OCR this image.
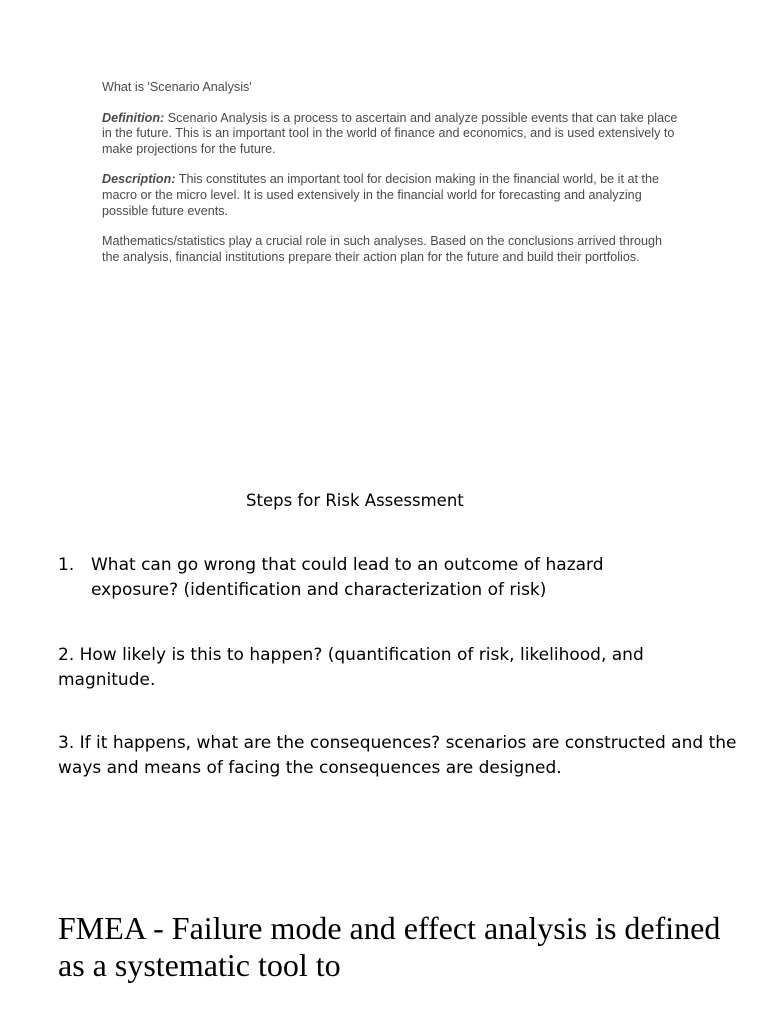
What is 'Scenario Analysis'

Definition: Scenario Analysis is a process to ascertain and analyze possible events that can take place in the future. This is an important tool in the world of finance and economics, and is used extensively to make projections for the future.

Description: This constitutes an important tool for decision making in the financial world, be it at the macro or the micro level. It is used extensively in the financial world for forecasting and analyzing possible future events.

Mathematics/statistics play a crucial role in such analyses. Based on the conclusions arrived through the analysis, financial institutions prepare their action plan for the future and build their portfolios.

Steps for Risk Assessment
1. What can go wrong that could lead to an outcome of hazard exposure? (identification and characterization of risk)
2. How likely is this to happen? (quantification of risk, likelihood, and magnitude.
3. If it happens, what are the consequences? scenarios are constructed and the ways and means of facing the consequences are designed.
FMEA - Failure mode and effect analysis is defined as a systematic tool to
